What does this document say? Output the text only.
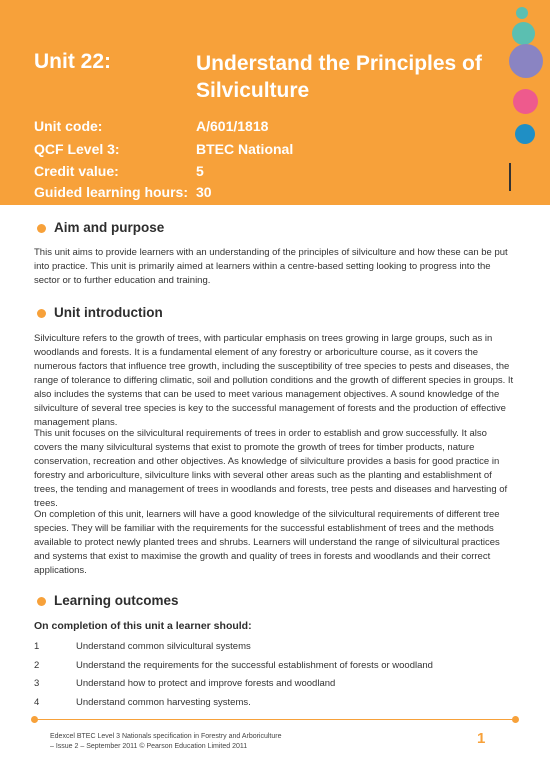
Unit 22:	Understand the Principles of Silviculture
Unit code:	A/601/1818
QCF Level 3:	BTEC National
Credit value:	5
Guided learning hours: 30
Aim and purpose
This unit aims to provide learners with an understanding of the principles of silviculture and how these can be put into practice. This unit is primarily aimed at learners within a centre-based setting looking to progress into the sector or to further education and training.
Unit introduction
Silviculture refers to the growth of trees, with particular emphasis on trees growing in large groups, such as in woodlands and forests. It is a fundamental element of any forestry or arboriculture course, as it covers the numerous factors that influence tree growth, including the susceptibility of tree species to pests and diseases, the range of tolerance to differing climatic, soil and pollution conditions and the growth of different species in groups. It also includes the systems that can be used to meet various management objectives. A sound knowledge of the silviculture of several tree species is key to the successful management of forests and the production of effective management plans.
This unit focuses on the silvicultural requirements of trees in order to establish and grow successfully. It also covers the many silvicultural systems that exist to promote the growth of trees for timber products, nature conservation, recreation and other objectives. As knowledge of silviculture provides a basis for good practice in forestry and arboriculture, silviculture links with several other areas such as the planting and establishment of trees, the tending and management of trees in woodlands and forests, tree pests and diseases and harvesting of trees.
On completion of this unit, learners will have a good knowledge of the silvicultural requirements of different tree species. They will be familiar with the requirements for the successful establishment of trees and the methods available to protect newly planted trees and shrubs. Learners will understand the range of silvicultural practices and systems that exist to maximise the growth and quality of trees in forests and woodlands and their correct applications.
Learning outcomes
On completion of this unit a learner should:
1	Understand common silvicultural systems
2	Understand the requirements for the successful establishment of forests or woodland
3	Understand how to protect and improve forests and woodland
4	Understand common harvesting systems.
Edexcel BTEC Level 3 Nationals specification in Forestry and Arboriculture
– Issue 2 – September 2011 © Pearson Education Limited 2011	1
